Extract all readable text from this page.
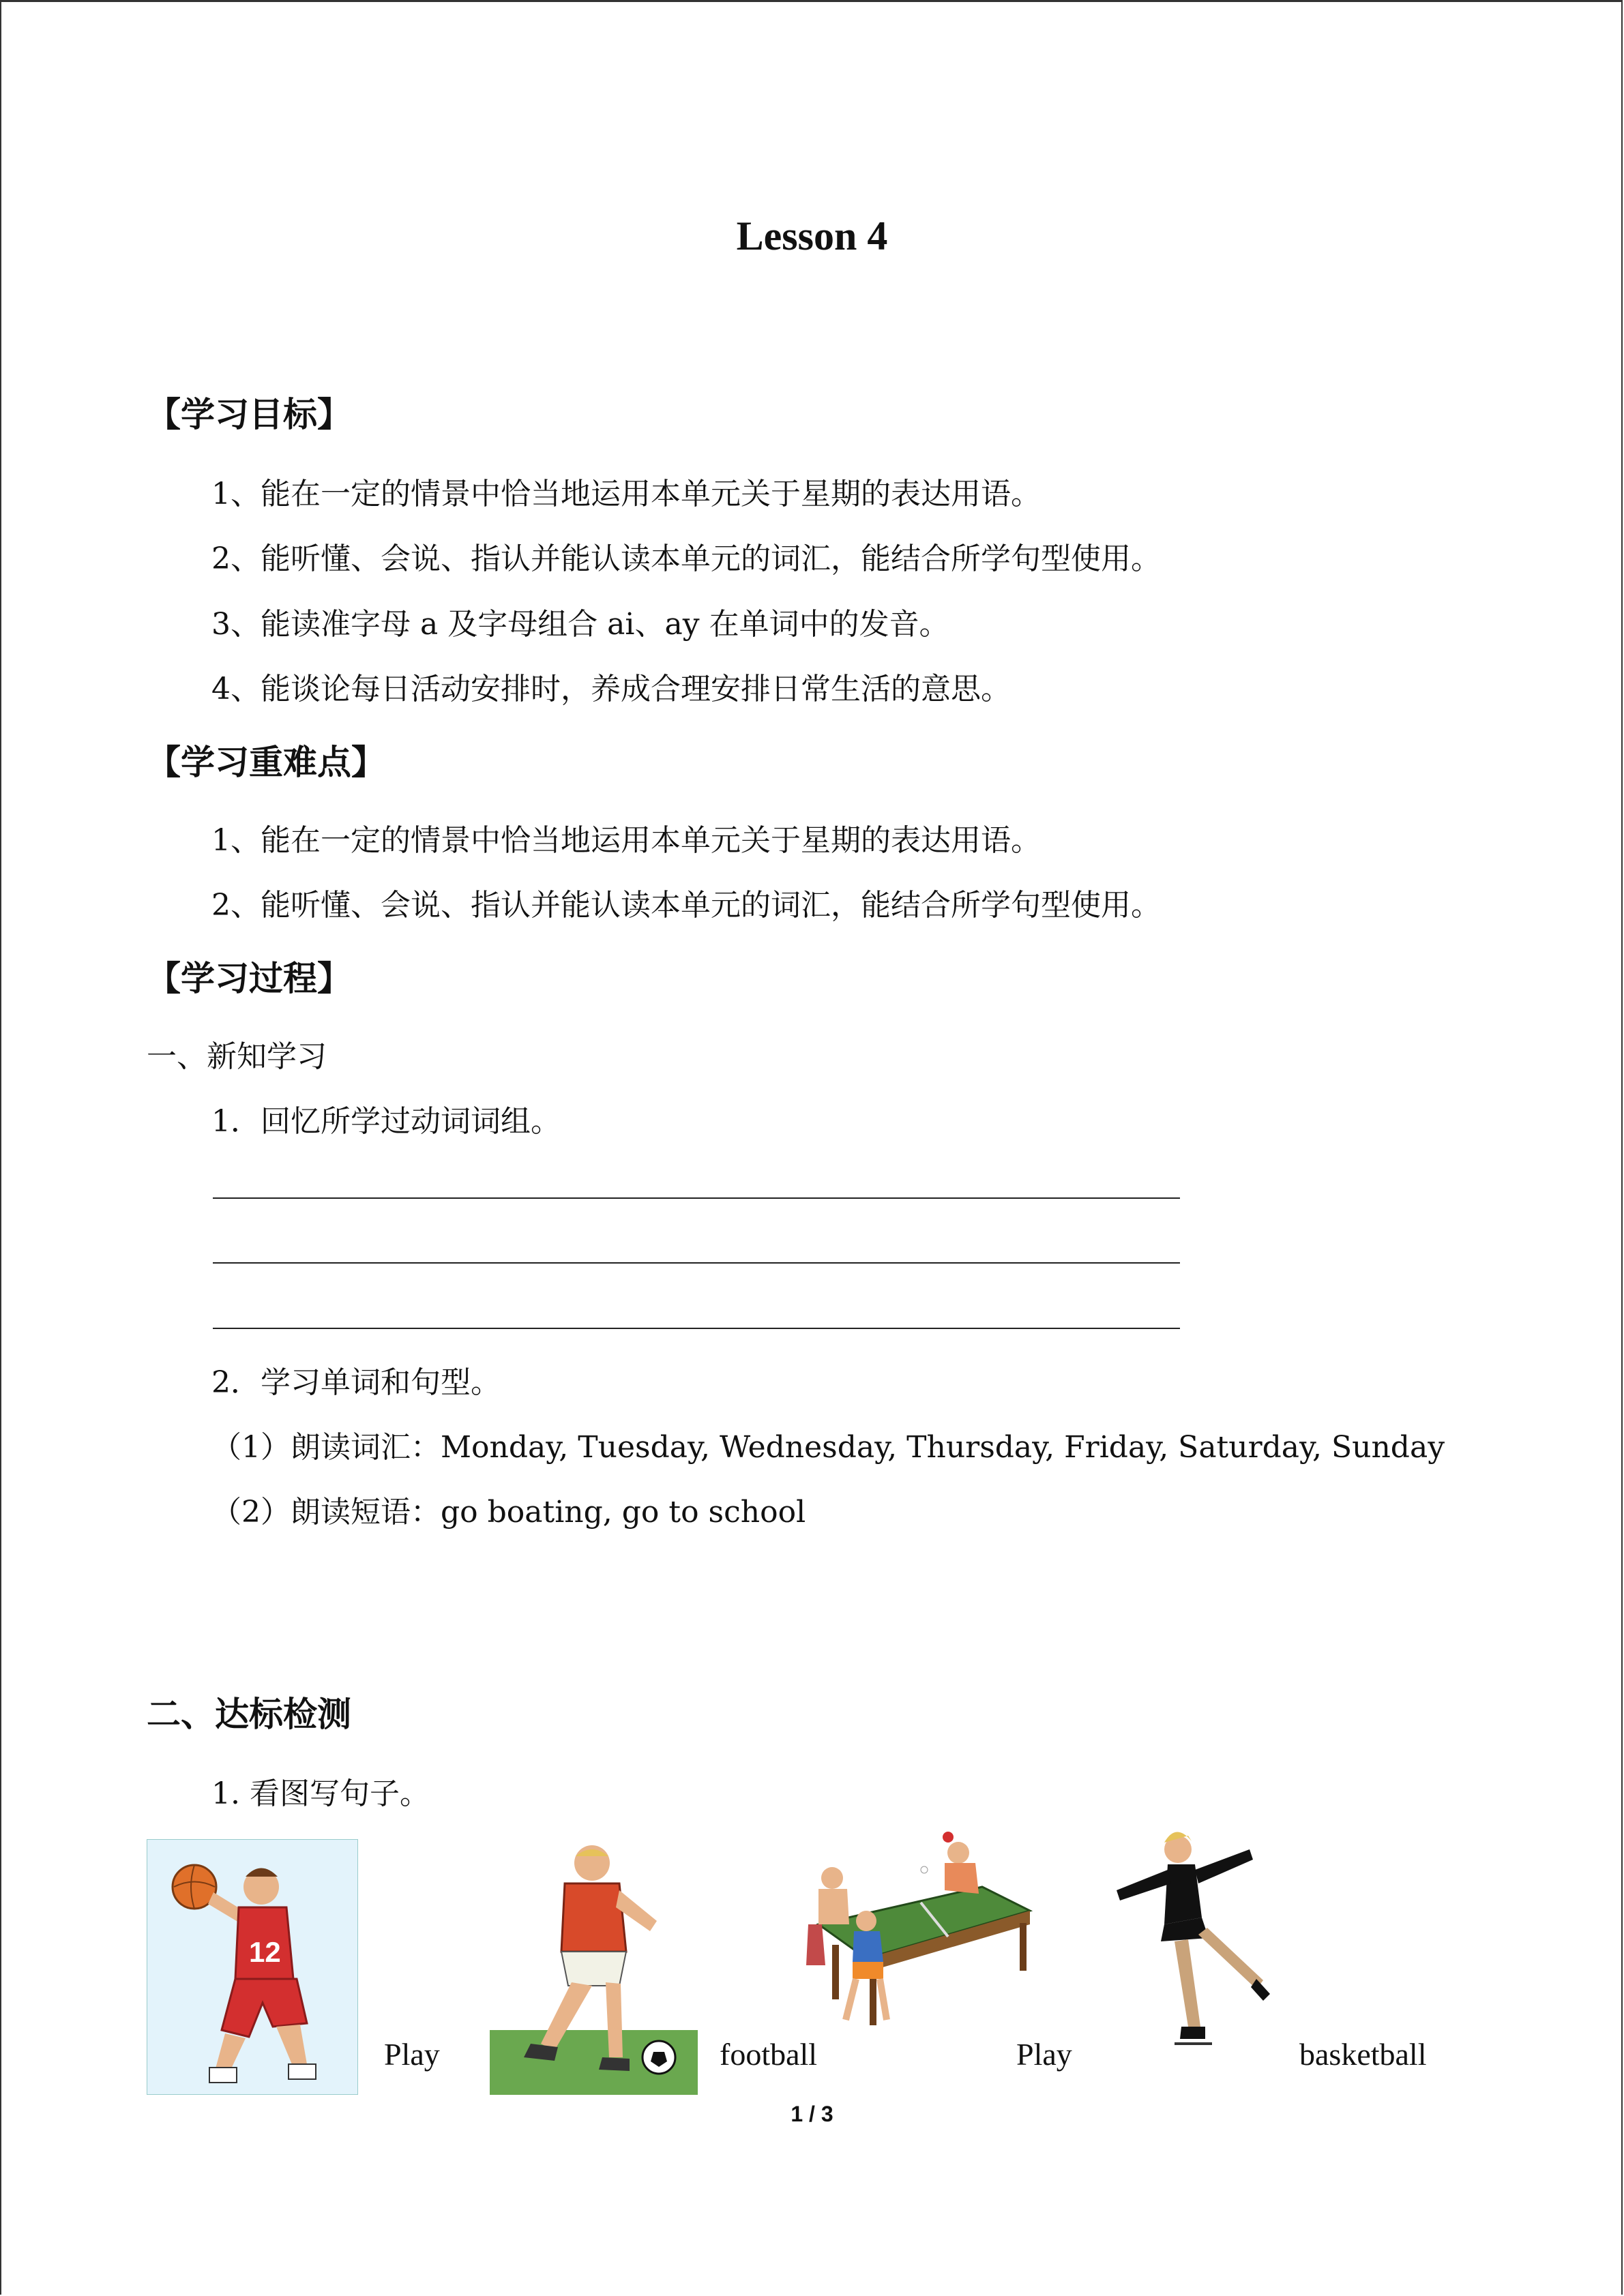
Lesson 4
【学习目标】
1、能在一定的情景中恰当地运用本单元关于星期的表达用语。
2、能听懂、会说、指认并能认读本单元的词汇，能结合所学句型使用。
3、能读准字母 a 及字母组合 ai、ay 在单词中的发音。
4、能谈论每日活动安排时，养成合理安排日常生活的意思。
【学习重难点】
1、能在一定的情景中恰当地运用本单元关于星期的表达用语。
2、能听懂、会说、指认并能认读本单元的词汇，能结合所学句型使用。
【学习过程】
一、新知学习
1．回忆所学过动词词组。
2．学习单词和句型。
（1）朗读词汇：Monday, Tuesday, Wednesday, Thursday, Friday, Saturday, Sunday
（2）朗读短语：go boating, go to school
二、达标检测
1. 看图写句子。
12
Play	football	Play	basketball
1 / 3
